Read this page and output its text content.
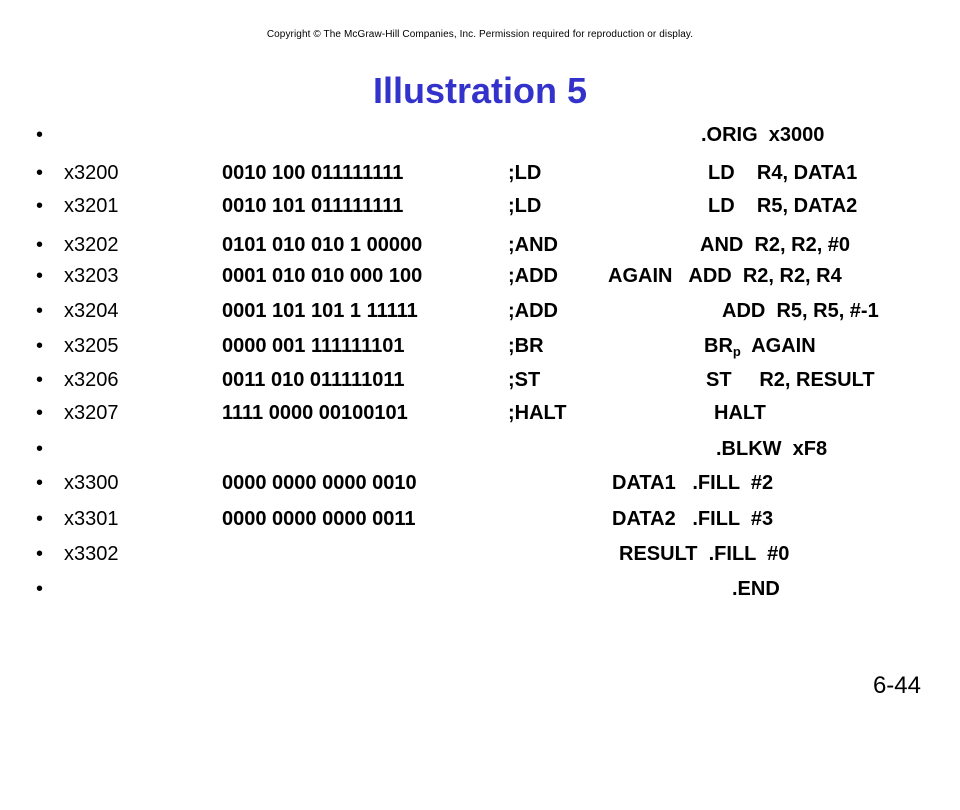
Copyright © The McGraw-Hill Companies, Inc. Permission required for reproduction or display.
Illustration 5

•

	.ORIG  x3000

•

x3200

	0010 100 011111111

	;LD

	LD    R4, DATA1

•

x3201

	0010 101 011111111

	;LD

	LD    R5, DATA2

•

x3202

	0101 010 010 1 00000

	;AND

	AND  R2, R2, #0

•

x3203

	0001 010 010 000 100

	;ADD

	AGAIN   ADD  R2, R2, R4

•

x3204

	0001 101 101 1 11111

	;ADD

	ADD  R5, R5, #-1

•

x3205

	0000 001 111111101

	;BR

	$BR_p$  AGAIN

•

x3206

	0011 010 011111011

	;ST

	ST     R2, RESULT

•

x3207

	1111 0000 00100101

	;HALT

	HALT

•

	.BLKW  xF8

•

x3300

	0000 0000 0000 0010

	DATA1   .FILL  #2

•

x3301

	0000 0000 0000 0011

	DATA2   .FILL  #3

•

x3302

	RESULT  .FILL  #0

•

	.END

6-44
